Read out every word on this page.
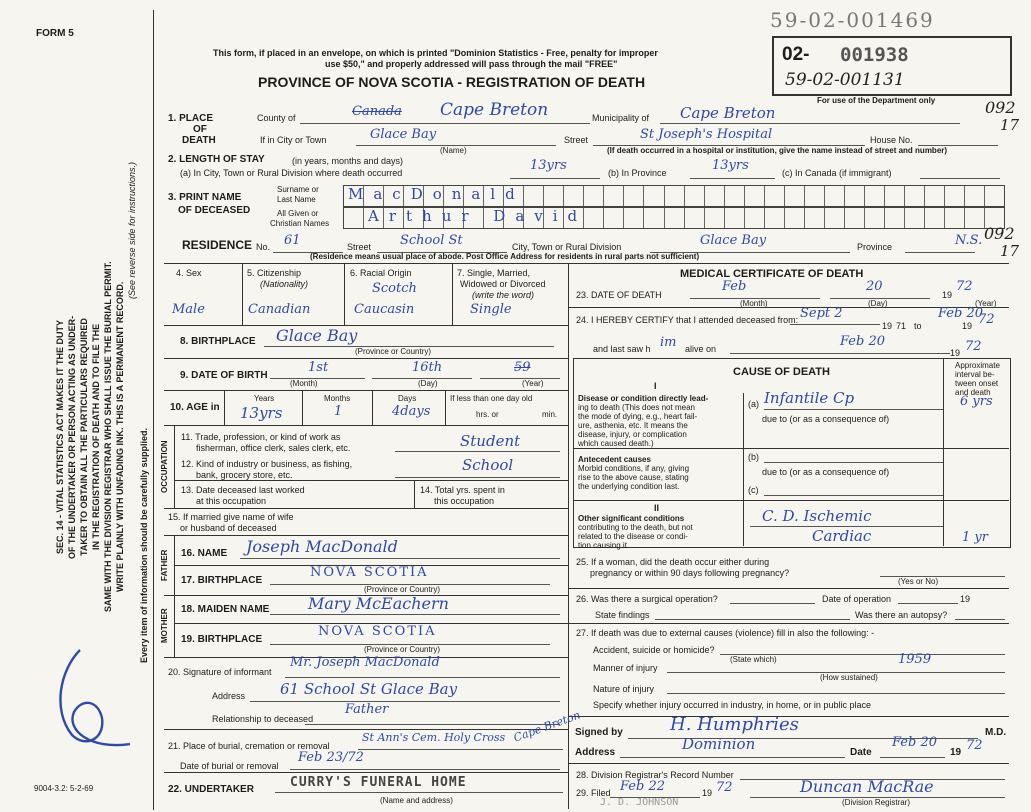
FORM 5
59-02-001469
02- 001938
59-02-001131
For use of the Department only
This form, if placed in an envelope, on which is printed "Dominion Statistics - Free, penalty for improper
use $50," and properly addressed will pass through the mail "FREE"
PROVINCE OF NOVA SCOTIA - REGISTRATION OF DEATH
SEC. 14 - VITAL STATISTICS ACT MAKES IT THE DUTY OF THE UNDERTAKER OR PERSON ACTING AS UNDER- TAKER TO OBTAIN ALL THE PARTICULARS REQUIRED IN THE REGISTRATION OF DEATH AND TO FILE THE SAME WITH THE DIVISION REGISTRAR WHO SHALL ISSUE THE BURIAL PERMIT. WRITE PLAINLY WITH UNFADING INK. THIS IS A PERMANENT RECORD.
(See reverse side for instructions.)
Every item of information should be carefully supplied.
9004-3.2: 5-2-69
1. PLACE
OF
DEATH
County of	Canada Cape Breton	Municipality of Cape Breton	092
17
If in City or Town	Glace Bay
(Name)
Street	St Joseph's Hospital	House No.
(If death occurred in a hospital or institution, give the name instead of street and number)
2. LENGTH OF STAY	(in years, months and days)
(a) In City, Town or Rural Division where death occurred	13yrs	(b) In Province	13yrs	(c) In Canada (if immigrant)
3. PRINT NAME
OF DECEASED
Surname or
Last Name
All Given or
Christian Names
MacDonald
Arthur David
RESIDENCE No. 61	Street School St	City, Town or Rural Division	Glace Bay	Province	N.S. 092
17
(Residence means usual place of abode. Post Office Address for residents in rural parts not sufficient)
4. Sex
Male
5. Citizenship
(Nationality)
Canadian
6. Racial Origin
Scotch
Caucasin
7. Single, Married,
Widowed or Divorced
(write the word)
Single
8. BIRTHPLACE Glace Bay
(Province or Country)
9. DATE OF BIRTH
1st
(Month)
16th
(Day)
59
(Year)
10. AGE in
Years
13yrs
Months
1
Days
4days
If less than one day old
hrs. or	min.
OCCUPATION
11. Trade, profession, or kind of work as
fisherman, office clerk, sales clerk, etc.	Student
12. Kind of industry or business, as fishing,
bank, grocery store, etc.
School
13. Date deceased last worked
at this occupation
14. Total yrs. spent in
this occupation
15. If married give name of wife
or husband of deceased
FATHER 16. NAME Joseph MacDonald
17. BIRTHPLACE
NOVA SCOTIA
(Province or Country)
MOTHER 18. MAIDEN NAME Mary McEachern
19. BIRTHPLACE
NOVA SCOTIA
(Province or Country)
20. Signature of informant
Mr. Joseph MacDonald
Address 61 School St Glace Bay
Relationship to deceased
Father
21. Place of burial, cremation or removal
St Ann's Cem. Holy Cross Cape Breton
Date of burial or removal
Feb 23/72
22. UNDERTAKER	CURRY'S FUNERAL HOME
(Name and address)
MEDICAL CERTIFICATE OF DEATH
23. DATE OF DEATH
Feb
(Month)
20
(Day)
19
72
(Year)
24. I HEREBY CERTIFY that I attended deceased from: Sept 2
19 71 to
Feb 20
19 72
and last saw h im alive on	Feb 20
19 72
CAUSE OF DEATH
Approximate
interval be-
tween onset
and death
I
Disease or condition directly lead-
ing to death (This does not mean
the mode of dying, e.g., heart fail-
ure, asthenia, etc. It means the
disease, injury, or complication
which caused death.)
(a) Infantile Cp	6 yrs
due to (or as a consequence of)
Antecedent causes
Morbid conditions, if any, giving
rise to the above cause, stating
the underlying condition last.
(b)
due to (or as a consequence of)
(c)
II
Other significant conditions
contributing to the death, but not
related to the disease or condi-
tion causing it.
C. D. Ischemic
Cardiac	1 yr
25. If a woman, did the death occur either during
pregnancy or within 90 days following pregnancy?
(Yes or No)
26. Was there a surgical operation?	Date of operation	19
State findings	Was there an autopsy?
27. If death was due to external causes (violence) fill in also the following: -
Accident, suicide or homicide?
(State which)
Manner of injury
1959
(How sustained)
Nature of injury
Specify whether injury occurred in industry, in home, or in public place
Signed by	H. Humphries	M.D.
Address	Dominion	Date
Feb 20
19 72
28. Division Registrar's Record Number
29. Filed Feb 22	19 72	Duncan MacRae
(Division Registrar)
J. D. JOHNSON
